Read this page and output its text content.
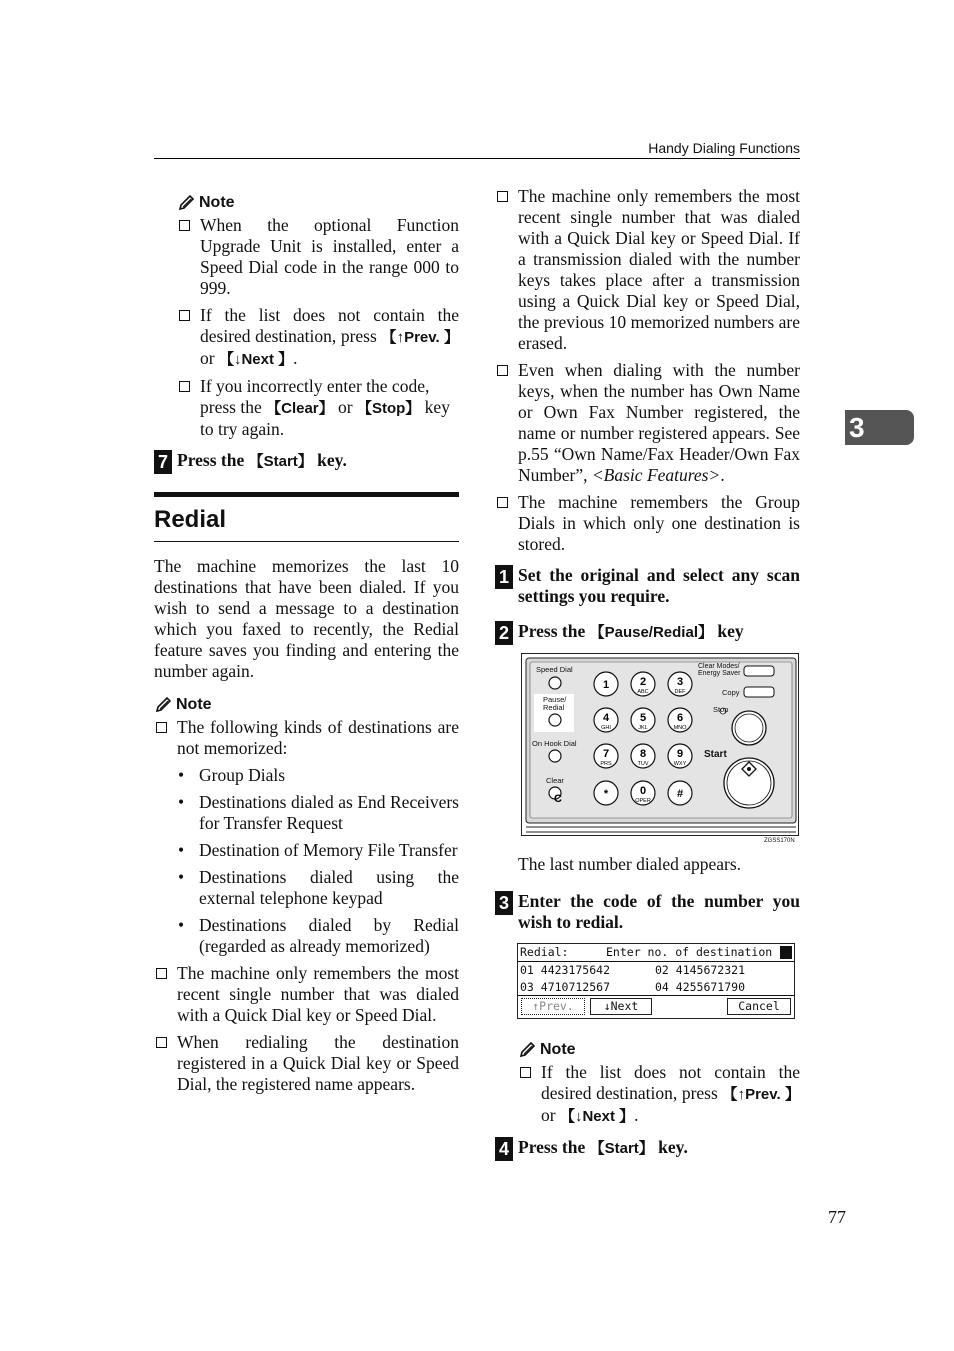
Handy Dialing Functions
3
Note
When the optional Function Upgrade Unit is installed, enter a Speed Dial code in the range 000 to 999.
If the list does not contain the desired destination, press 【↑Prev. 】 or 【↓Next 】.
If you incorrectly enter the code, press the 【Clear】 or 【Stop】 key to try again.
7 Press the 【Start】 key.
Redial

The machine memorizes the last 10 destinations that have been dialed. If you wish to send a message to a destination which you faxed to recently, the Redial feature saves you finding and entering the number again.

Note
The following kinds of destinations are not memorized:
• Group Dials
• Destinations dialed as End Receivers for Transfer Request
• Destination of Memory File Transfer
• Destinations dialed using the external telephone keypad
• Destinations dialed by Redial (regarded as already memorized)
The machine only remembers the most recent single number that was dialed with a Quick Dial key or Speed Dial.
When redialing the destination registered in a Quick Dial key or Speed Dial, the registered name appears.
The machine only remembers the most recent single number that was dialed with a Quick Dial key or Speed Dial. If a transmission dialed with the number keys takes place after a transmission using a Quick Dial key or Speed Dial, the previous 10 memorized numbers are erased.
Even when dialing with the number keys, when the number has Own Name or Own Fax Number registered, the name or number registered appears. See p.55 “Own Name/Fax Header/Own Fax Number”, <Basic Features>.
The machine remembers the Group Dials in which only one destination is stored.
1 Set the original and select any scan settings you require.
2 Press the 【Pause/Redial】 key
1	2
ABC
3
DEF
4
GHI
5
JKL
6
MNO
7
PRS
8
TUV
9
WXY
*	0
OPER
#
C
Speed Dial
Pause/
Redial
On Hook Dial
Clear
Clear Modes/
Energy Saver
Copy
Stop
Start
ZGSS170N

The last number dialed appears.

3 Enter the code of the number you wish to redial.
Redial:	Enter no. of destination
01 4423175642	02 4145672321
03 4710712567	04 4255671790
↑Prev.	↓Next	Cancel
Note
If the list does not contain the desired destination, press 【↑Prev. 】 or 【↓Next 】.
4 Press the 【Start】 key.
77
